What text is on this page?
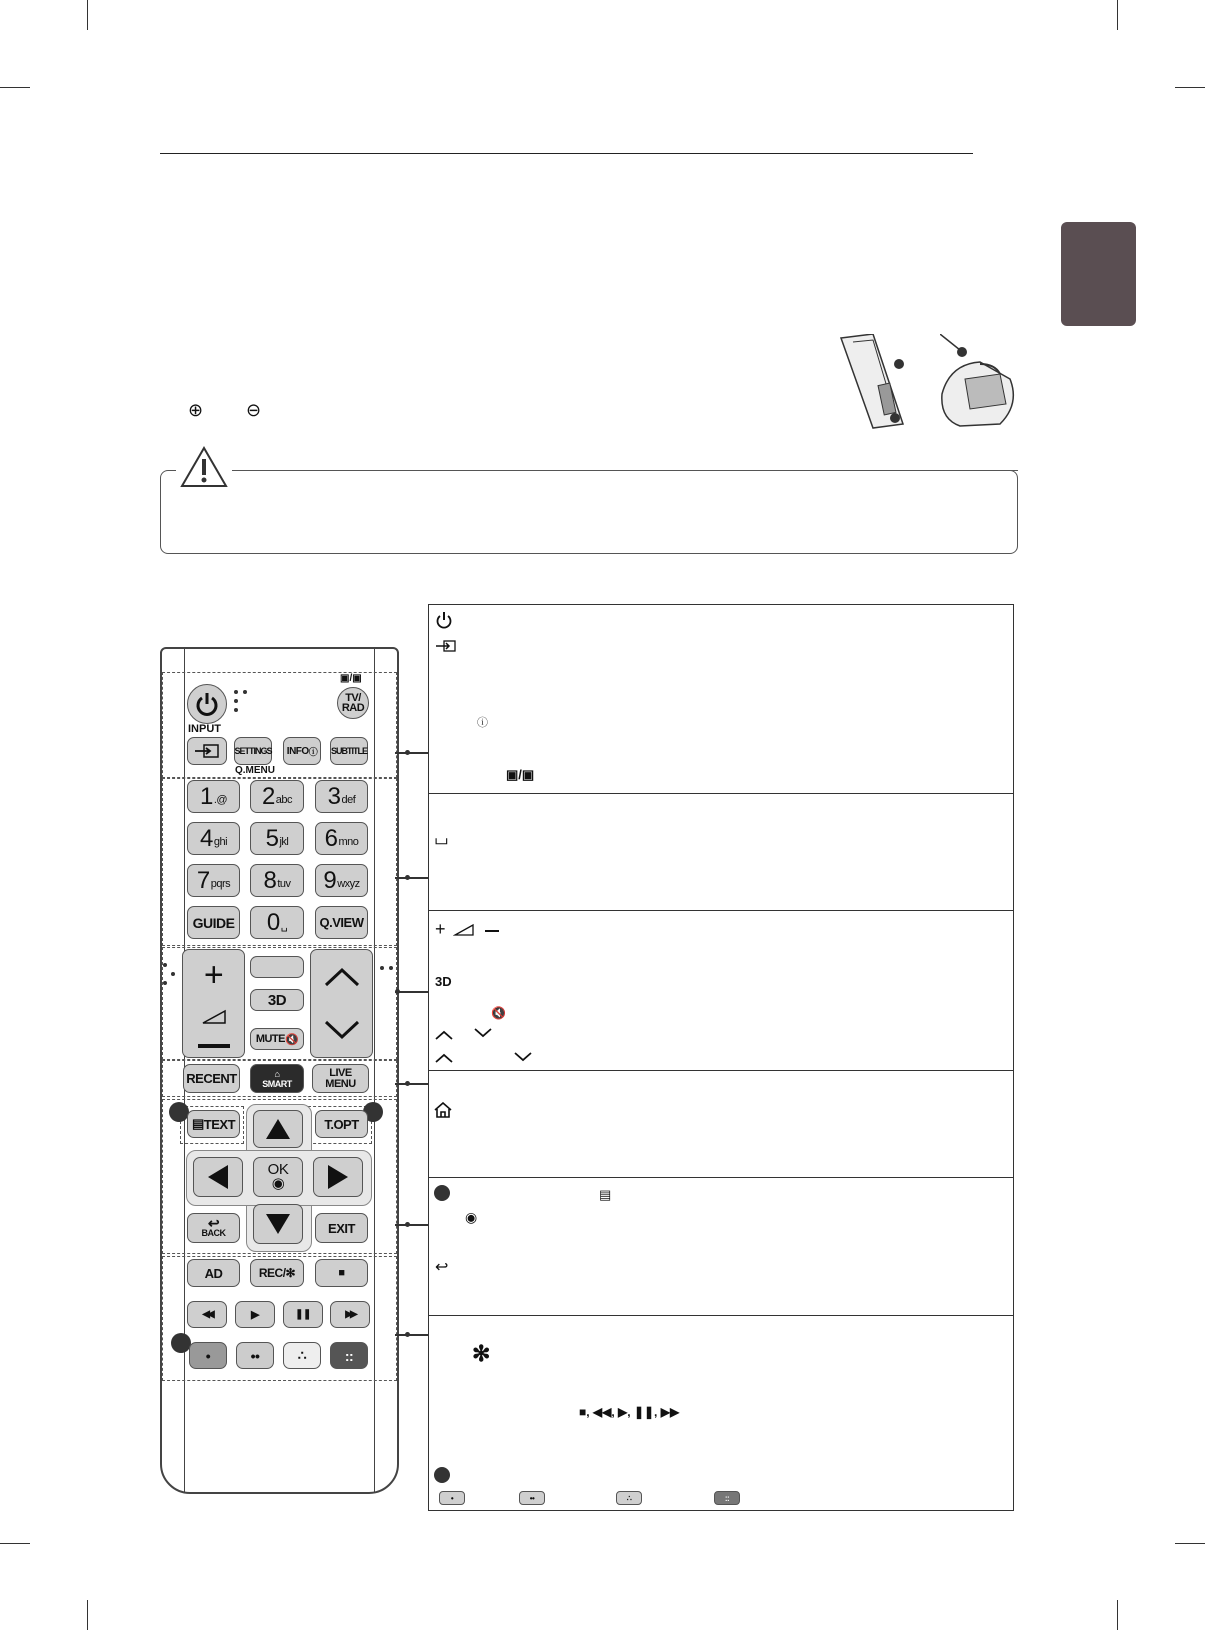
⊕ ⊖
▣/▣
TV/ RAD
INPUT
SETTINGS
Q.MENU
INFO ⓘ SUBTITLE
1 .@ 2 abc 3 def
4 ghi 5 jkl 6 mno
7 pqrs 8 tuv 9 wxyz
GUIDE 0 ␣	Q.VIEW
+
3D
MUTE 🔇
RECENT	⌂
SMART
LIVE MENU
▤ TEXT	T.OPT
OK
◉
↩
BACK	EXIT
AD	REC/✻	■
◀◀	▶	❚❚	▶▶
•	••	∴	::
ⓘ
▣/▣
⌴
+
3D
🔇
▤
◉
↩
✻
■, ◀◀, ▶, ❚❚, ▶▶
•	••	∴	::
